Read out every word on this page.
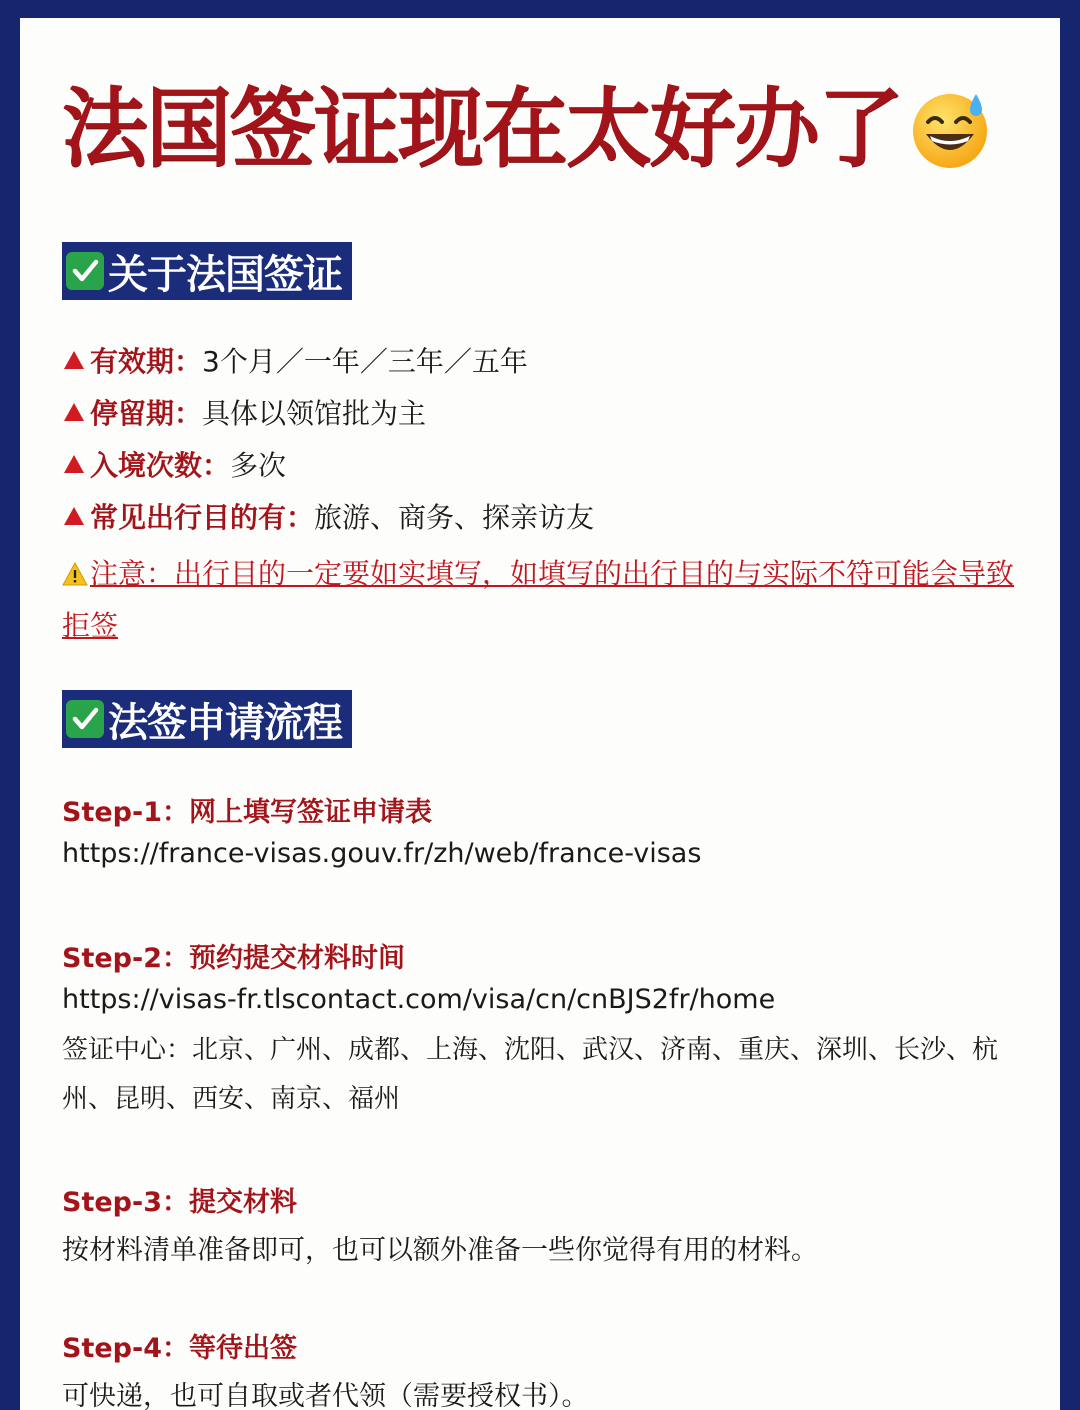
法国签证现在太好办了
关于法国签证
有效期： 3个月／一年／三年／五年
停留期： 具体以领馆批为主
入境次数： 多次
常见出行目的有： 旅游、商务、探亲访友
注意：出行目的一定要如实填写，如填写的出行目的与实际不符可能会导致拒签
法签申请流程
Step-1：网上填写签证申请表
https://france-visas.gouv.fr/zh/web/france-visas
Step-2：预约提交材料时间
https://visas-fr.tlscontact.com/visa/cn/cnBJS2fr/home
签证中心：北京、广州、成都、上海、沈阳、武汉、济南、重庆、深圳、长沙、杭州、昆明、西安、南京、福州
Step-3：提交材料
按材料清单准备即可，也可以额外准备一些你觉得有用的材料。
Step-4：等待出签
可快递，也可自取或者代领（需要授权书）。
